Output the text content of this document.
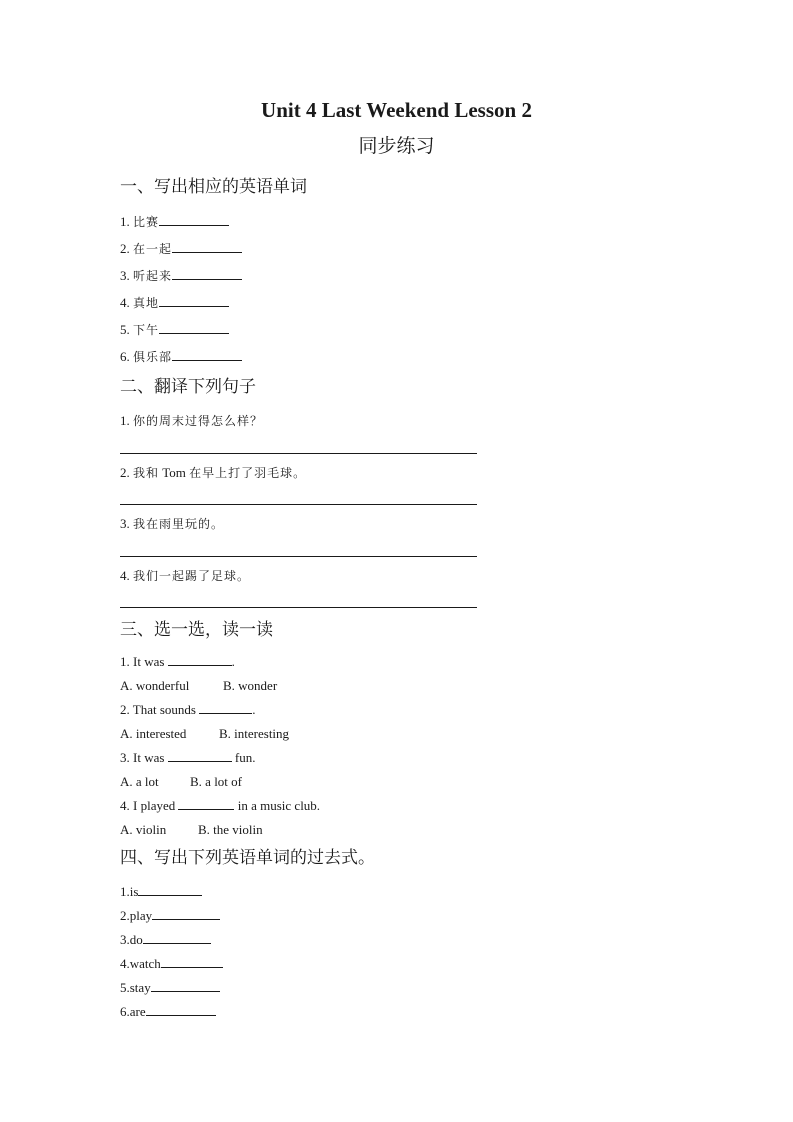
Unit 4 Last Weekend Lesson 2
同步练习
一、写出相应的英语单词
1. 比赛
2. 在一起
3. 听起来
4. 真地
5. 下午
6. 俱乐部
二、翻译下列句子
1. 你的周末过得怎么样？
2. 我和 Tom 在早上打了羽毛球。
3. 我在雨里玩的。
4. 我们一起踢了足球。
三、选一选，读一读
1. It was	.
A. wonderful	B. wonder
2. That sounds	.
A. interested	B. interesting
3. It was	fun.
A. a lot B. a lot of
4. I played	in a music club.
A. violin B. the violin
四、写出下列英语单词的过去式。
1.is
2.play
3.do
4.watch
5.stay
6.are
